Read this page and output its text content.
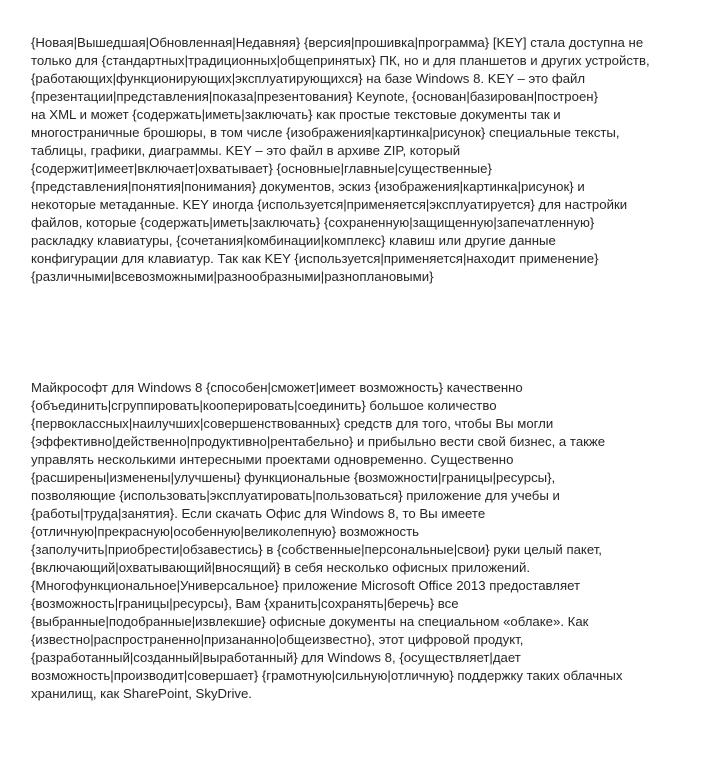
{Новая|Вышедшая|Обновленная|Недавняя} {версия|прошивка|программа} [KEY] стала доступна не
только для {стандартных|традиционных|общепринятых} ПК, но и для планшетов и других устройств,
{работающих|функционирующих|эксплуатирующихся} на базе Windows 8. KEY – это файл
{презентации|представления|показа|презентования} Keynote, {основан|базирован|построен}
на XML и может {содержать|иметь|заключать} как простые текстовые документы так и
многостраничные брошюры, в том числе {изображения|картинка|рисунок} специальные тексты,
таблицы, графики, диаграммы. KEY – это файл в архиве ZIP, который
{содержит|имеет|включает|охватывает} {основные|главные|существенные}
{представления|понятия|понимания} документов, эскиз {изображения|картинка|рисунок} и
некоторые метаданные. KEY иногда {используется|применяется|эксплуатируется} для настройки
файлов, которые {содержать|иметь|заключать} {сохраненную|защищенную|запечатленную}
раскладку клавиатуры, {сочетания|комбинации|комплекс} клавиш или другие данные
конфигурации для клавиатур. Так как KEY {используется|применяется|находит применение}
{различными|всевозможными|разнообразными|разноплановыми}
Майкрософт для Windows 8 {способен|сможет|имеет возможность} качественно
{объединить|сгруппировать|кооперировать|соединить} большое количество
{первоклассных|наилучших|совершенствованных} средств для того, чтобы Вы могли
{эффективно|действенно|продуктивно|рентабельно} и прибыльно вести свой бизнес, а также
управлять несколькими интересными проектами одновременно. Существенно
{расширены|изменены|улучшены} функциональные {возможности|границы|ресурсы},
позволяющие {использовать|эксплуатировать|пользоваться} приложение для учебы и
{работы|труда|занятия}. Если скачать Офис для Windows 8, то Вы имеете
{отличную|прекрасную|особенную|великолепную} возможность
{заполучить|приобрести|обзавестись} в {собственные|персональные|свои} руки целый пакет,
{включающий|охватывающий|вносящий} в себя несколько офисных приложений.
{Многофункциональное|Универсальное} приложение Microsoft Office 2013 предоставляет
{возможность|границы|ресурсы}, Вам {хранить|сохранять|беречь} все
{выбранные|подобранные|извлекшие} офисные документы на специальном «облаке». Как
{известно|распространенно|призананно|общеизвестно}, этот цифровой продукт,
{разработанный|созданный|выработанный} для Windows 8, {осуществляет|дает
возможность|производит|совершает} {грамотную|сильную|отличную} поддержку таких облачных
хранилищ, как SharePoint, SkyDrive.
